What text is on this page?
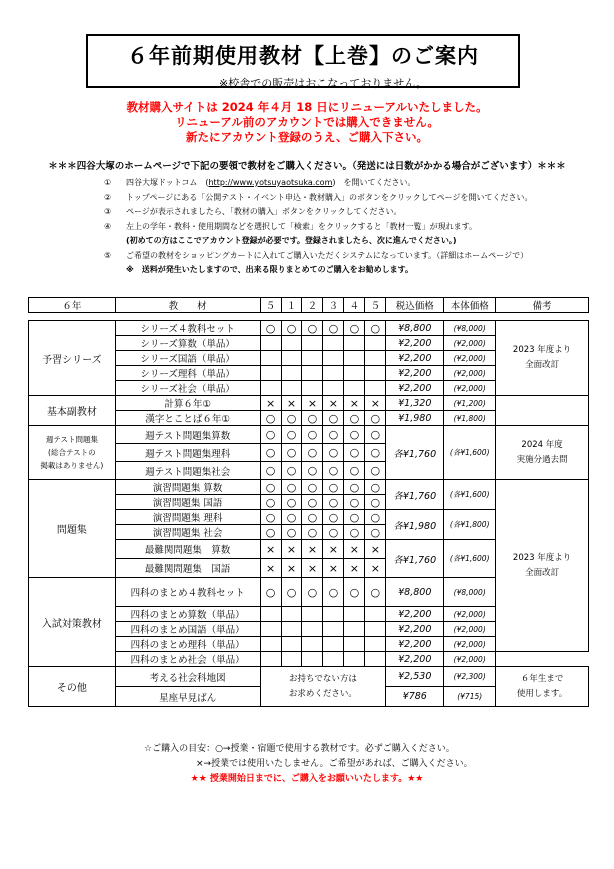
６年前期使用教材【上巻】のご案内
※校舎での販売はおこなっておりません。
教材購入サイトは 2024 年４月 18 日にリニューアルいたしました。
リニューアル前のアカウントでは購入できません。
新たにアカウント登録のうえ、ご購入下さい。
＊＊＊四谷大塚のホームページで下記の要領で教材をご購入ください。（発送には日数がかかる場合がございます）＊＊＊
①	四谷大塚ドットコム　( http://www.yotsuyaotsuka.com )　を開いてください。
②	トップページにある「公開テスト・イベント申込・教材購入」のボタンをクリックしてページを開いてください。
③	ページが表示されましたら、「教材の購入」ボタンをクリックしてください。
④	左上の学年・教科・使用期間などを選択して「検索」をクリックすると「教材一覧」が現れます。
(初めての方はここでアカウント登録が必要です。登録されましたら、次に進んでください。)
⑤	ご希望の教材をショッピングカートに入れてご購入いただくシステムになっています。（詳細はホームページで）
※　送料が発生いたしますので、出来る限りまとめてのご購入をお勧めします。
６年	教　　材	５	１	２	３	４	５	税込価格	本体価格	備考

予習シリーズ	シリーズ４教科セット	○	○	○	○	○	○	¥8,800	(¥8,000)	2023 年度より
全面改訂
	シリーズ算数（単品）							¥2,200	(¥2,000)	
	シリーズ国語（単品）							¥2,200	(¥2,000)	
	シリーズ理科（単品）							¥2,200	(¥2,000)	
	シリーズ社会（単品）							¥2,200	(¥2,000)	
基本副教材	計算６年①	×	×	×	×	×	×	¥1,320	(¥1,200)	
	漢字とことば６年①	○	○	○	○	○	○	¥1,980	(¥1,800)	
週テスト問題集
(総合テストの
掲載はありません)	週テスト問題集算数	○	○	○	○	○	○	各¥1,760	(各¥1,600)	2024 年度
実施分過去問
	週テスト問題集理科	○	○	○	○	○	○			
	週テスト問題集社会	○	○	○	○	○	○			
問題集	演習問題集 算数	○	○	○	○	○	○	各¥1,760	(各¥1,600)	2023 年度より
全面改訂
	演習問題集 国語	○	○	○	○	○	○			
	演習問題集 理科	○	○	○	○	○	○	各¥1,980	(各¥1,800)	
	演習問題集 社会	○	○	○	○	○	○			
	最難関問題集　算数	×	×	×	×	×	×	各¥1,760	(各¥1,600)	
	最難関問題集　国語	×	×	×	×	×	×			
入試対策教材	四科のまとめ４教科セット	○	○	○	○	○	○	¥8,800	(¥8,000)	
	四科のまとめ算数（単品）							¥2,200	(¥2,000)	
	四科のまとめ国語（単品）							¥2,200	(¥2,000)	
	四科のまとめ理科（単品）							¥2,200	(¥2,000)	
	四科のまとめ社会（単品）							¥2,200	(¥2,000)	
その他	考える社会科地図	お持ちでない方は
お求めください。						¥2,530	(¥2,300)	６年生まで
使用します。
	星座早見ばん							¥786	(¥715)	
☆ご購入の目安：○→授業・宿題で使用する教材です。必ずご購入ください。
×→授業では使用いたしません。ご希望があれば、ご購入ください。
★★ 授業開始日までに、ご購入をお願いいたします。★★
